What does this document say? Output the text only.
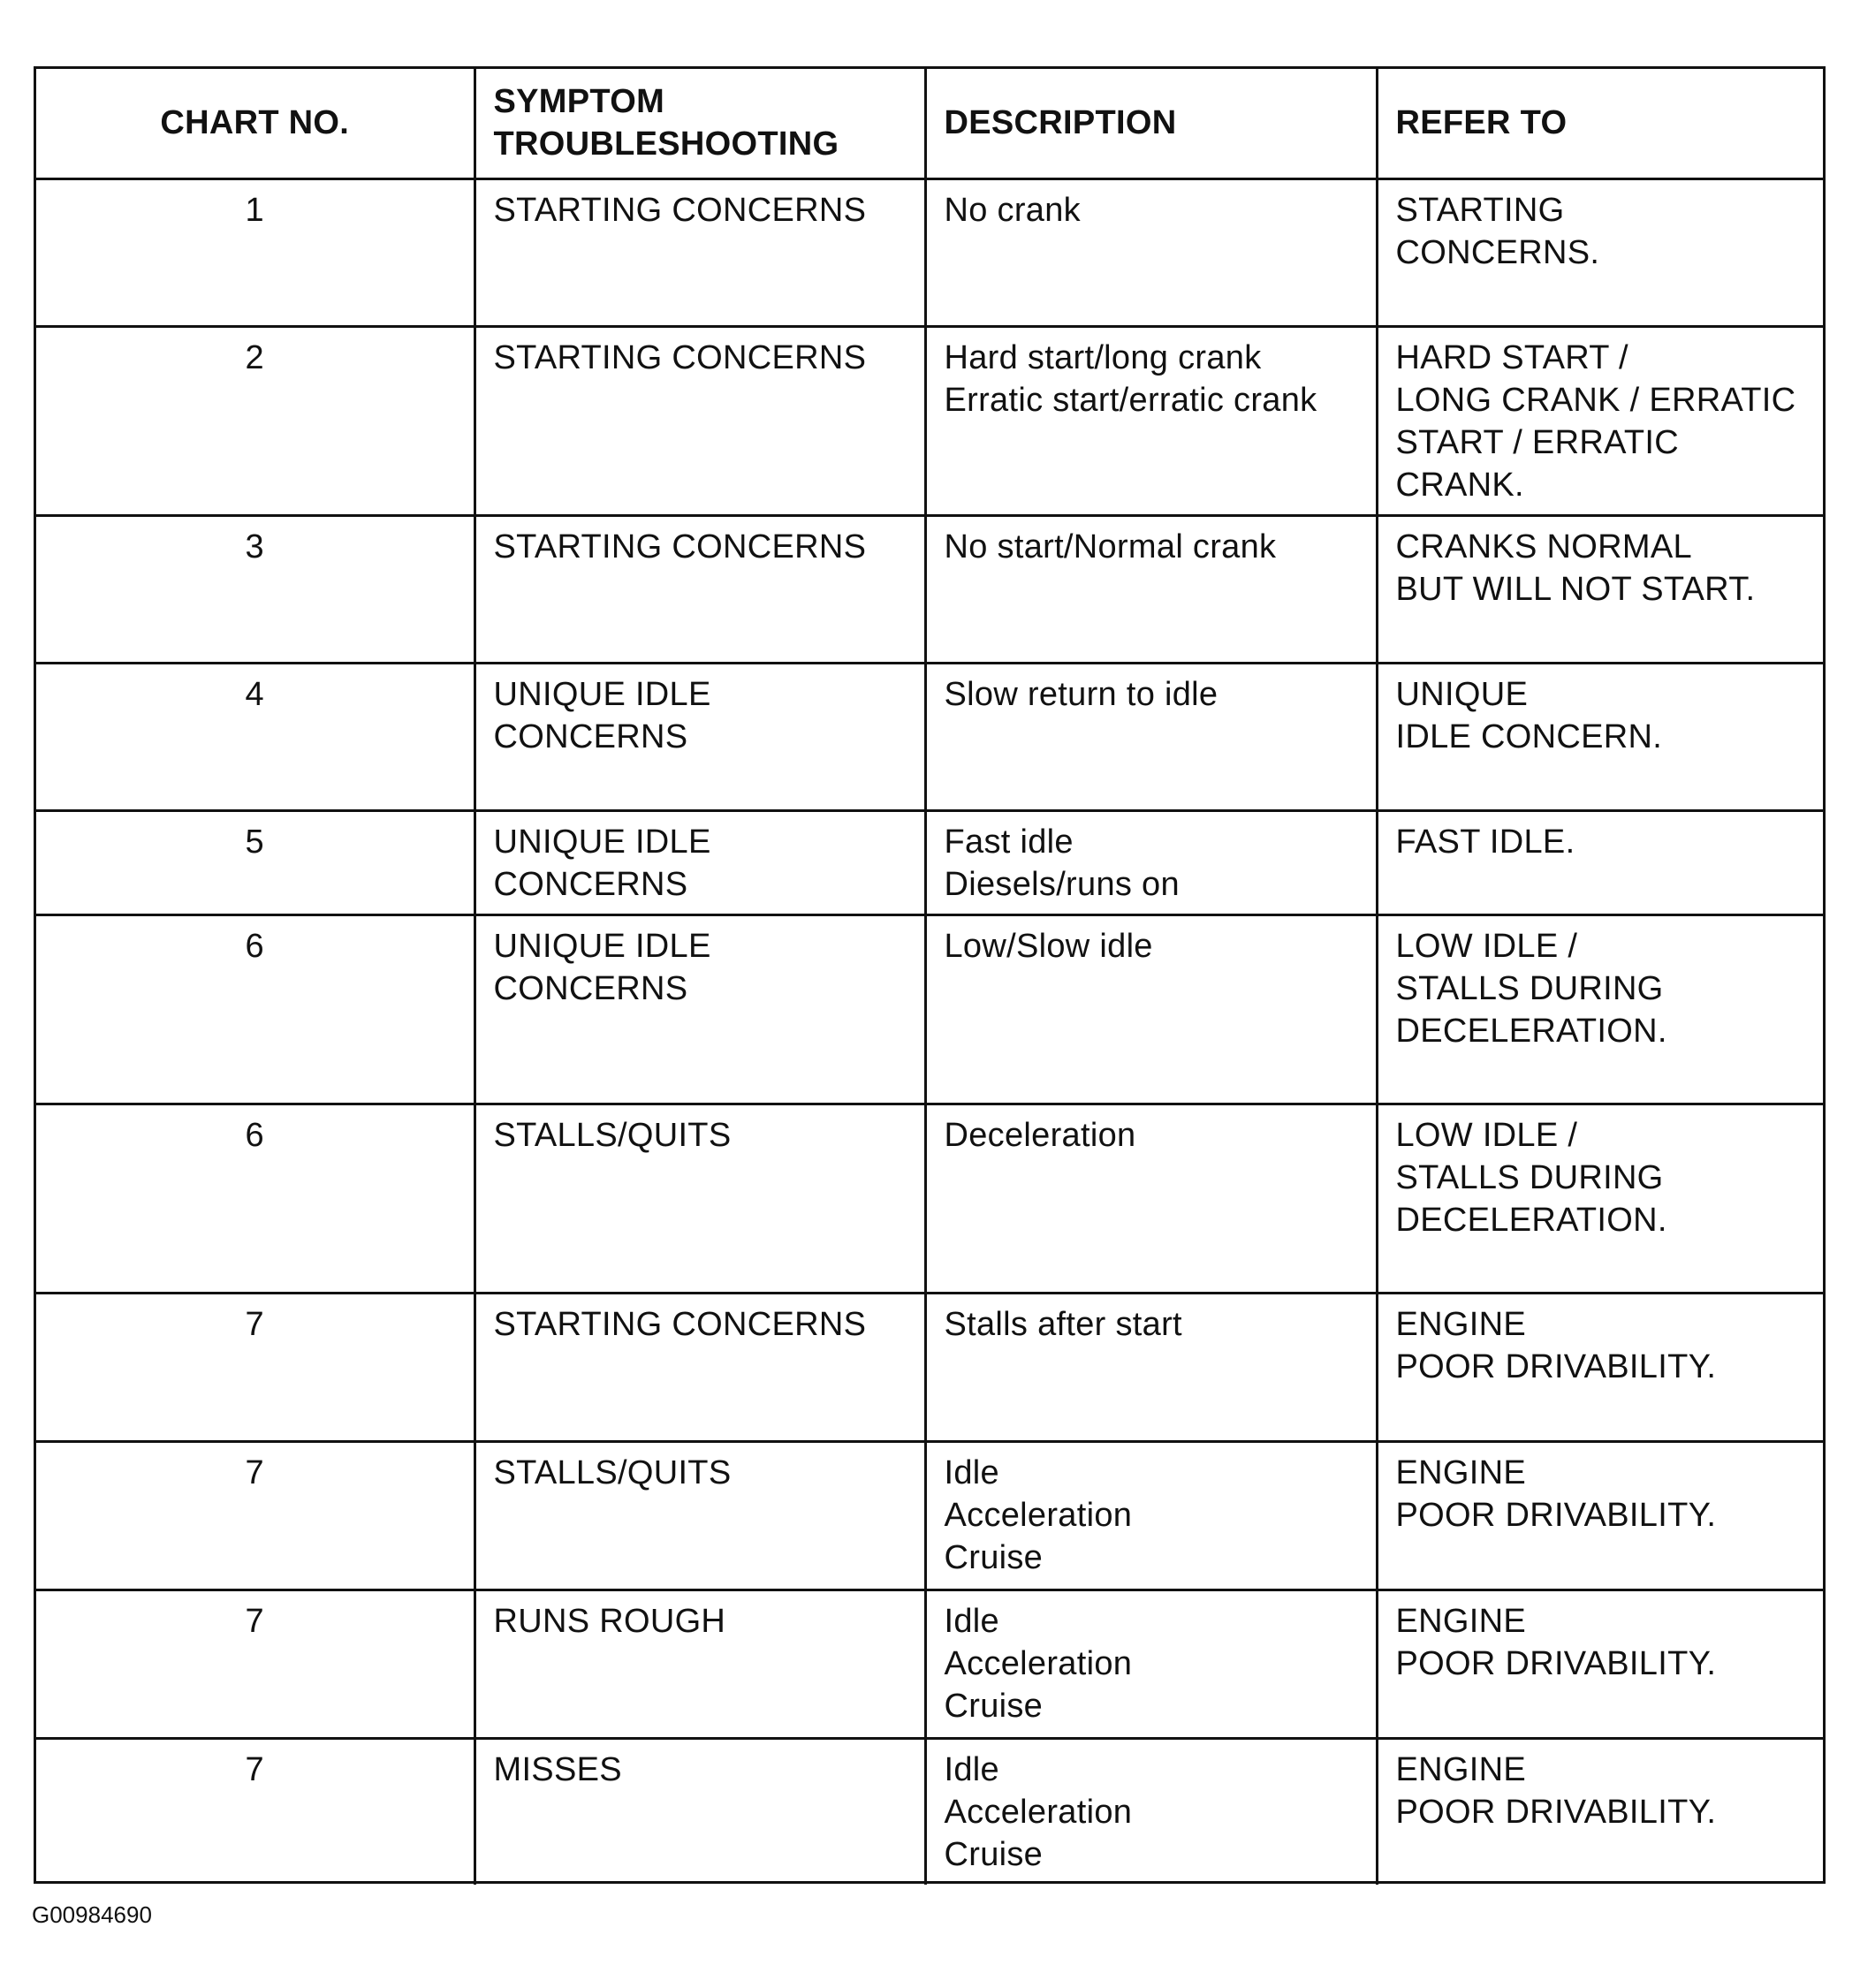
CHART NO.	SYMPTOM
TROUBLESHOOTING	DESCRIPTION	REFER TO
1	STARTING CONCERNS	No crank	STARTING
CONCERNS.
2	STARTING CONCERNS	Hard start/long crank
Erratic start/erratic crank	HARD START /
LONG CRANK / ERRATIC
START / ERRATIC
CRANK.
3	STARTING CONCERNS	No start/Normal crank	CRANKS NORMAL
BUT WILL NOT START.
4	UNIQUE IDLE
CONCERNS	Slow return to idle	UNIQUE
IDLE CONCERN.
5	UNIQUE IDLE
CONCERNS	Fast idle
Diesels/runs on	FAST IDLE.
6	UNIQUE IDLE
CONCERNS	Low/Slow idle	LOW IDLE /
STALLS DURING
DECELERATION.
6	STALLS/QUITS	Deceleration	LOW IDLE /
STALLS DURING
DECELERATION.
7	STARTING CONCERNS	Stalls after start	ENGINE
POOR DRIVABILITY.
7	STALLS/QUITS	Idle
Acceleration
Cruise	ENGINE
POOR DRIVABILITY.
7	RUNS ROUGH	Idle
Acceleration
Cruise	ENGINE
POOR DRIVABILITY.
7	MISSES	Idle
Acceleration
Cruise	ENGINE
POOR DRIVABILITY.
G00984690
